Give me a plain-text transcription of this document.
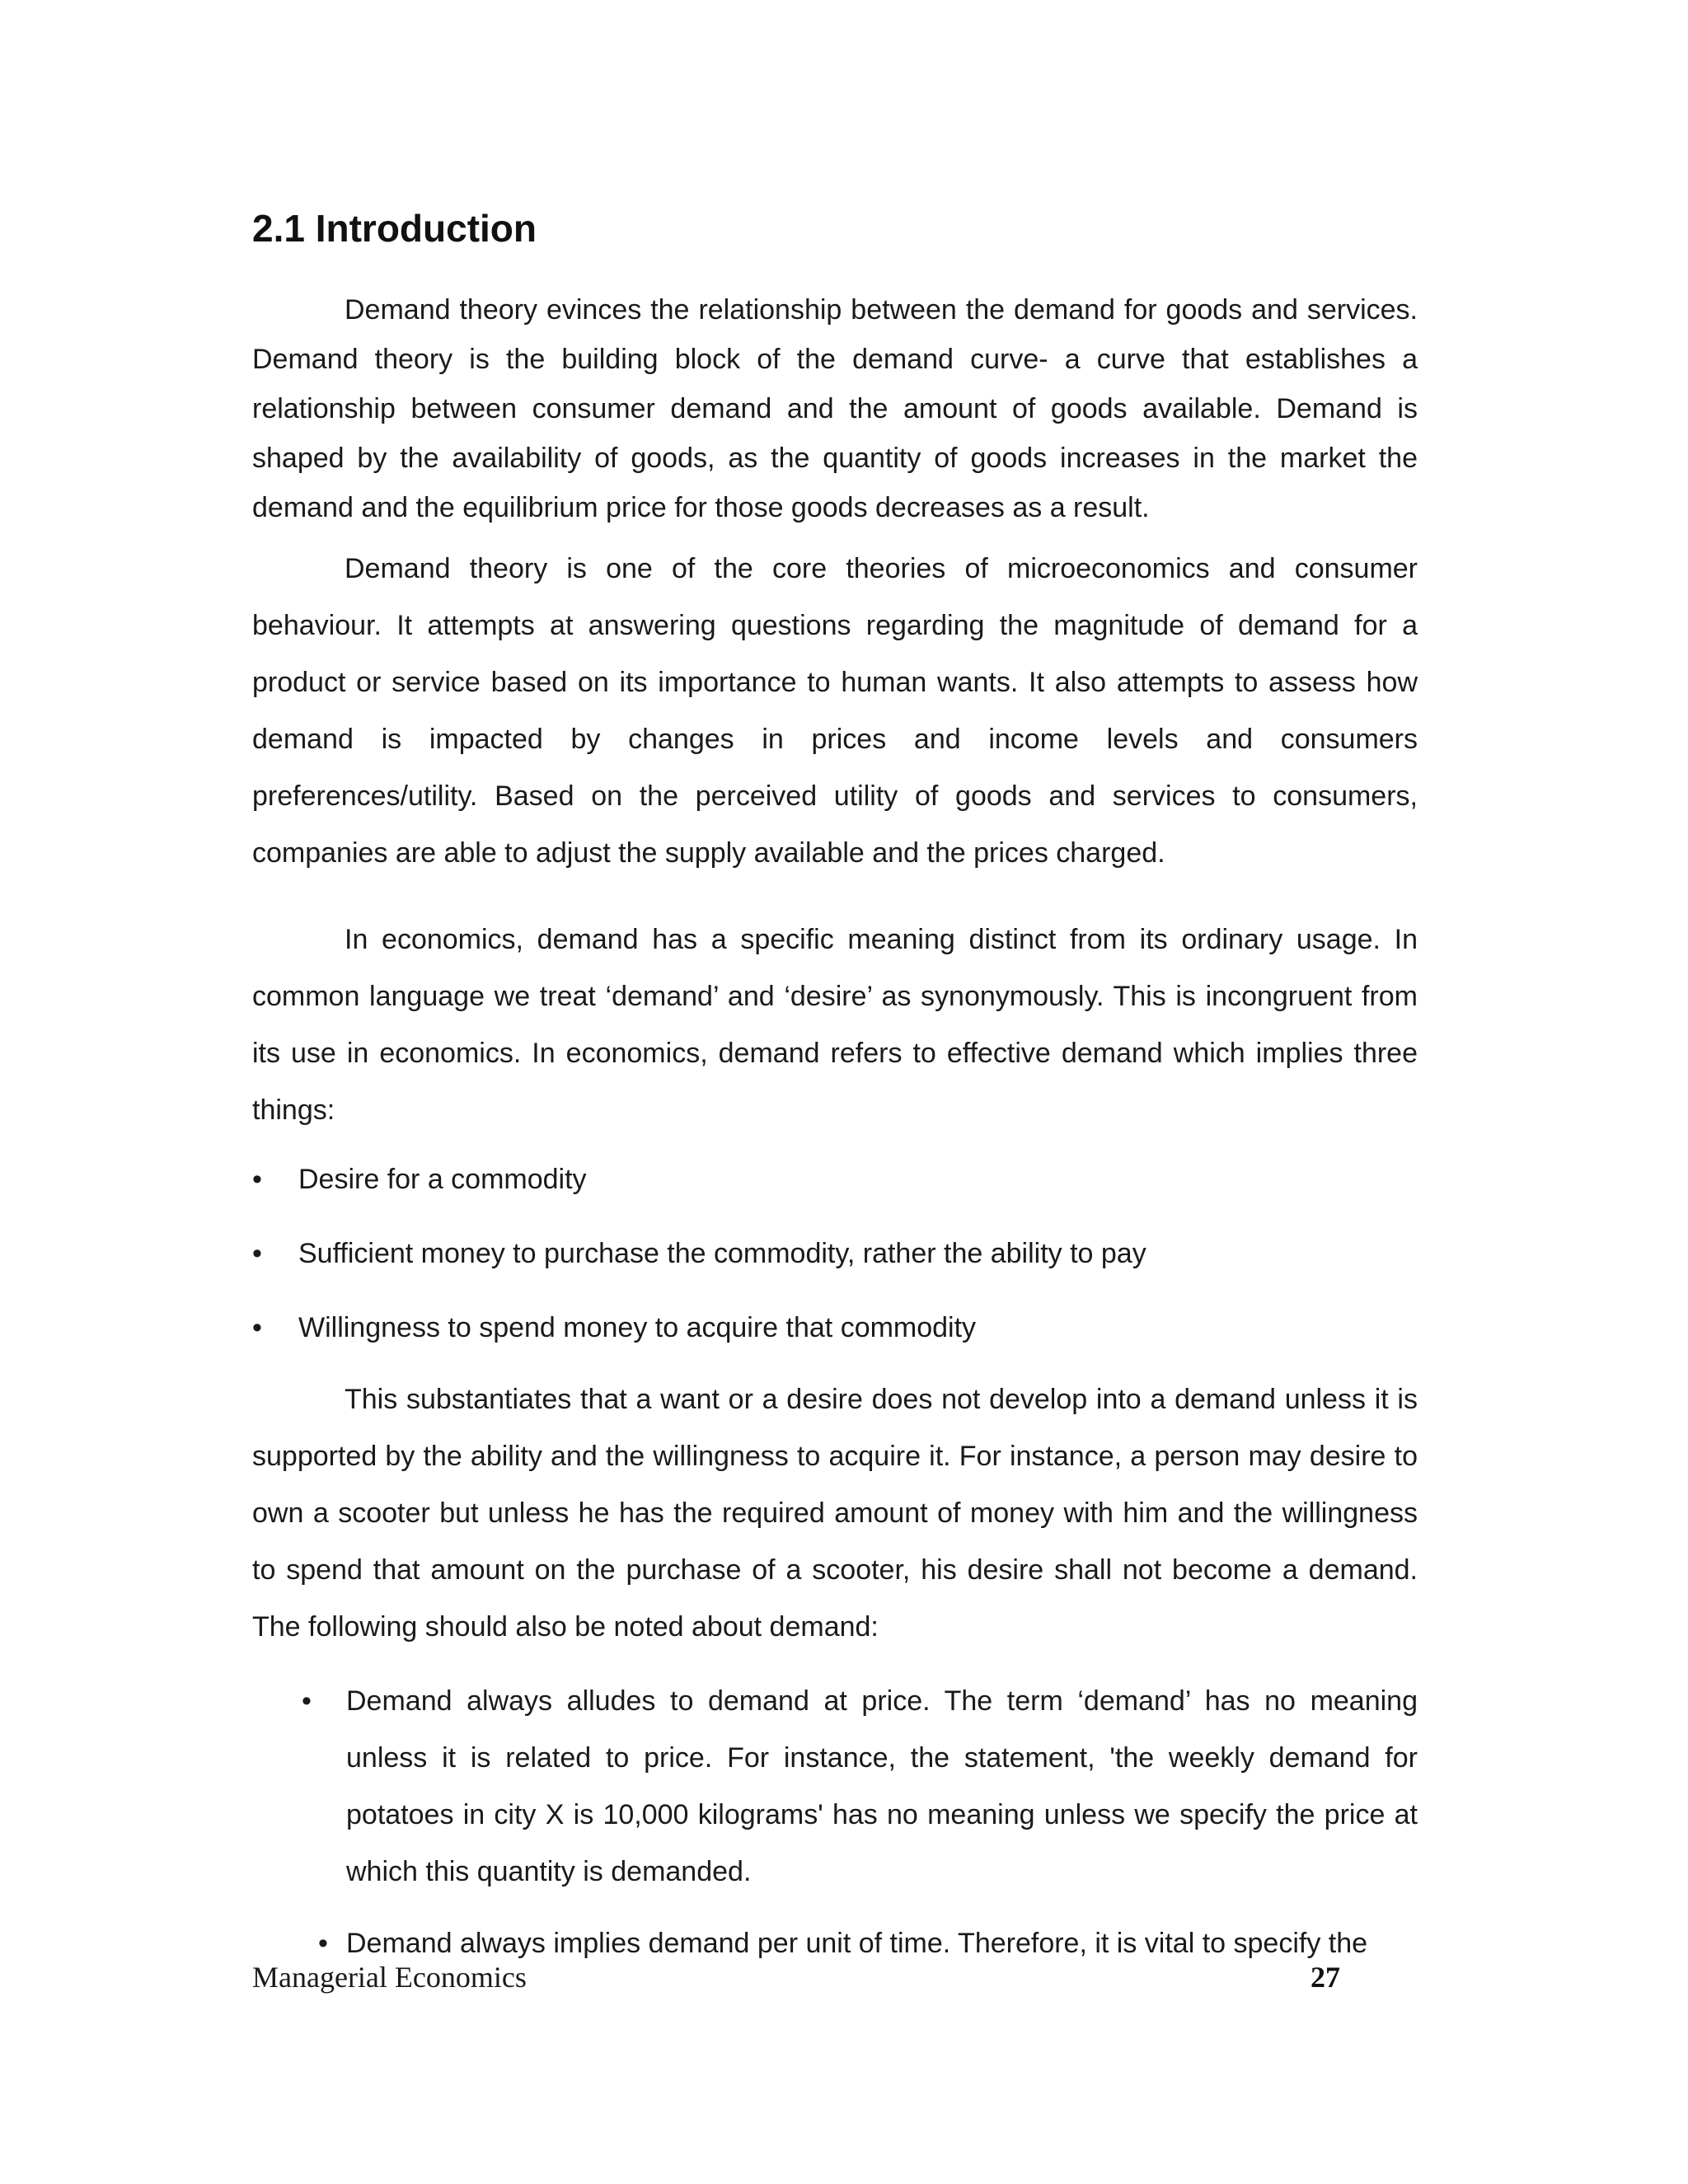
2.1 Introduction

Demand theory evinces the relationship between the demand for goods and services. Demand theory is the building block of the demand curve- a curve that establishes a relationship between consumer demand and the amount of goods available. Demand is shaped by the availability of goods, as the quantity of goods increases in the market the demand and the equilibrium price for those goods decreases as a result.

Demand theory is one of the core theories of microeconomics and consumer behaviour. It attempts at answering questions regarding the magnitude of demand for a product or service based on its importance to human wants. It also attempts to assess how demand is impacted by changes in prices and income levels and consumers preferences/utility. Based on the perceived utility of goods and services to consumers, companies are able to adjust the supply available and the prices charged.

In economics, demand has a specific meaning distinct from its ordinary usage. In common language we treat ‘demand’ and ‘desire’ as synonymously. This is incongruent from its use in economics. In economics, demand refers to effective demand which implies three things:

• Desire for a commodity
• Sufficient money to purchase the commodity, rather the ability to pay
• Willingness to spend money to acquire that commodity

This substantiates that a want or a desire does not develop into a demand unless it is supported by the ability and the willingness to acquire it. For instance, a person may desire to own a scooter but unless he has the required amount of money with him and the willingness to spend that amount on the purchase of a scooter, his desire shall not become a demand. The following should also be noted about demand:

• Demand always alludes to demand at price. The term ‘demand’ has no meaning unless it is related to price. For instance, the statement, 'the weekly demand for potatoes in city X is 10,000 kilograms' has no meaning unless we specify the price at which this quantity is demanded.
• Demand always implies demand per unit of time. Therefore, it is vital to specify the
Managerial Economics	27
